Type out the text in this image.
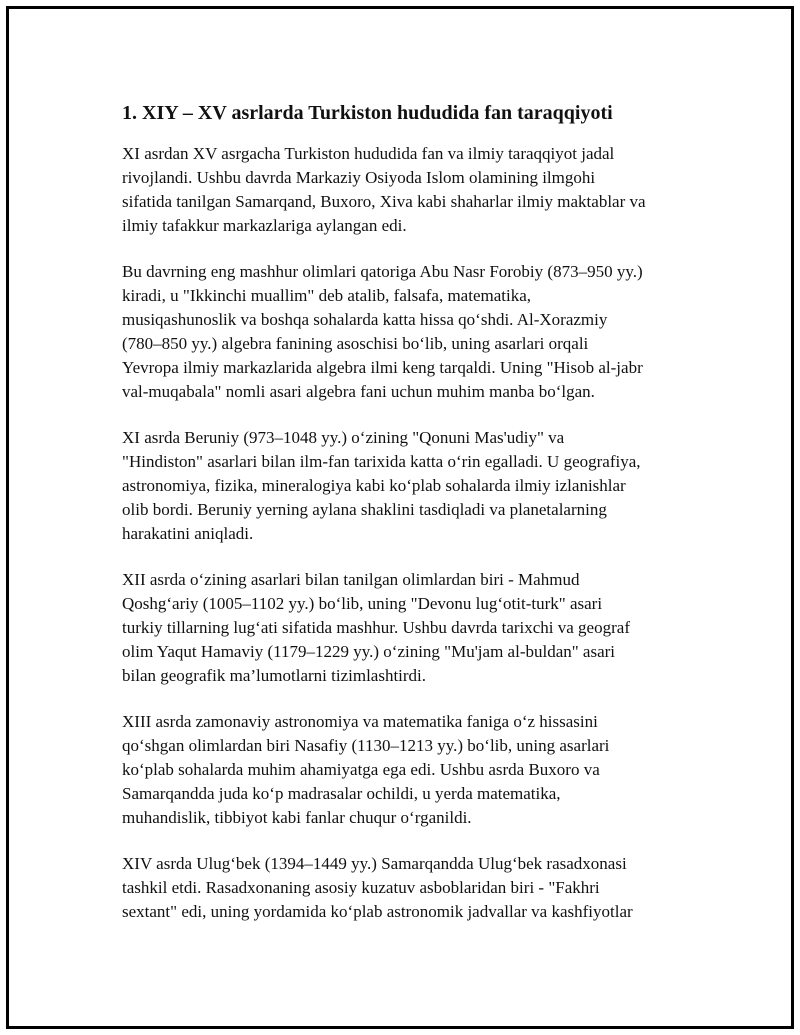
1. XIY – XV asrlarda Turkiston hududida fan taraqqiyoti
XI asrdan XV asrgacha Turkiston hududida fan va ilmiy taraqqiyot jadal
rivojlandi. Ushbu davrda Markaziy Osiyoda Islom olamining ilmgohi
sifatida tanilgan Samarqand, Buxoro, Xiva kabi shaharlar ilmiy maktablar va
ilmiy tafakkur markazlariga aylangan edi.
Bu davrning eng mashhur olimlari qatoriga Abu Nasr Forobiy (873–950 yy.)
kiradi, u "Ikkinchi muallim" deb atalib, falsafa, matematika,
musiqashunoslik va boshqa sohalarda katta hissa qo‘shdi. Al-Xorazmiy
(780–850 yy.) algebra fanining asoschisi bo‘lib, uning asarlari orqali
Yevropa ilmiy markazlarida algebra ilmi keng tarqaldi. Uning "Hisob al-jabr
val-muqabala" nomli asari algebra fani uchun muhim manba bo‘lgan.
XI asrda Beruniy (973–1048 yy.) o‘zining "Qonuni Mas'udiy" va
"Hindiston" asarlari bilan ilm-fan tarixida katta o‘rin egalladi. U geografiya,
astronomiya, fizika, mineralogiya kabi ko‘plab sohalarda ilmiy izlanishlar
olib bordi. Beruniy yerning aylana shaklini tasdiqladi va planetalarning
harakatini aniqladi.
XII asrda o‘zining asarlari bilan tanilgan olimlardan biri - Mahmud
Qoshg‘ariy (1005–1102 yy.) bo‘lib, uning "Devonu lug‘otit-turk" asari
turkiy tillarning lug‘ati sifatida mashhur. Ushbu davrda tarixchi va geograf
olim Yaqut Hamaviy (1179–1229 yy.) o‘zining "Mu'jam al-buldan" asari
bilan geografik ma’lumotlarni tizimlashtirdi.
XIII asrda zamonaviy astronomiya va matematika faniga o‘z hissasini
qo‘shgan olimlardan biri Nasafiy (1130–1213 yy.) bo‘lib, uning asarlari
ko‘plab sohalarda muhim ahamiyatga ega edi. Ushbu asrda Buxoro va
Samarqandda juda ko‘p madrasalar ochildi, u yerda matematika,
muhandislik, tibbiyot kabi fanlar chuqur o‘rganildi.
XIV asrda Ulug‘bek (1394–1449 yy.) Samarqandda Ulug‘bek rasadxonasi
tashkil etdi. Rasadxonaning asosiy kuzatuv asboblaridan biri - "Fakhri
sextant" edi, uning yordamida ko‘plab astronomik jadvallar va kashfiyotlar
